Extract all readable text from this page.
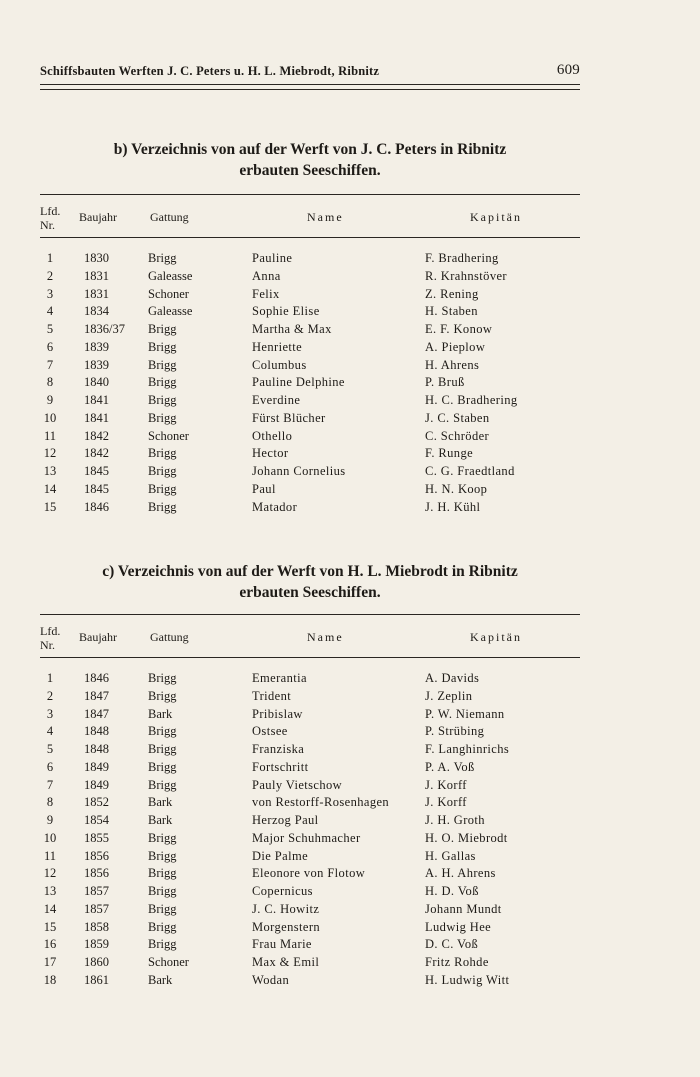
Schiffsbauten Werften J. C. Peters u. H. L. Miebrodt, Ribnitz	609
b) Verzeichnis von auf der Werft von J. C. Peters in Ribnitz
erbauten Seeschiffen.
Lfd.
Nr.
Baujahr	Gattung	Name	Kapitän
1	1830	Brigg	Pauline	F. Bradhering
2	1831	Galeasse	Anna	R. Krahnstöver
3	1831	Schoner	Felix	Z. Rening
4	1834	Galeasse	Sophie Elise	H. Staben
5	1836/37 Brigg	Martha & Max	E. F. Konow
6	1839	Brigg	Henriette	A. Pieplow
7	1839	Brigg	Columbus	H. Ahrens
8	1840	Brigg	Pauline Delphine	P. Bruß
9	1841	Brigg	Everdine	H. C. Bradhering
10	1841	Brigg	Fürst Blücher	J. C. Staben
11	1842	Schoner	Othello	C. Schröder
12	1842	Brigg	Hector	F. Runge
13	1845	Brigg	Johann Cornelius	C. G. Fraedtland
14	1845	Brigg	Paul	H. N. Koop
15	1846	Brigg	Matador	J. H. Kühl
c) Verzeichnis von auf der Werft von H. L. Miebrodt in Ribnitz
erbauten Seeschiffen.
Lfd.
Nr.
Baujahr	Gattung	Name	Kapitän
1	1846	Brigg	Emerantia	A. Davids
2	1847	Brigg	Trident	J. Zeplin
3	1847	Bark	Pribislaw	P. W. Niemann
4	1848	Brigg	Ostsee	P. Strübing
5	1848	Brigg	Franziska	F. Langhinrichs
6	1849	Brigg	Fortschritt	P. A. Voß
7	1849	Brigg	Pauly Vietschow	J. Korff
8	1852	Bark	von Restorff-Rosenhagen	J. Korff
9	1854	Bark	Herzog Paul	J. H. Groth
10	1855	Brigg	Major Schuhmacher	H. O. Miebrodt
11	1856	Brigg	Die Palme	H. Gallas
12	1856	Brigg	Eleonore von Flotow	A. H. Ahrens
13	1857	Brigg	Copernicus	H. D. Voß
14	1857	Brigg	J. C. Howitz	Johann Mundt
15	1858	Brigg	Morgenstern	Ludwig Hee
16	1859	Brigg	Frau Marie	D. C. Voß
17	1860	Schoner	Max & Emil	Fritz Rohde
18	1861	Bark	Wodan	H. Ludwig Witt
